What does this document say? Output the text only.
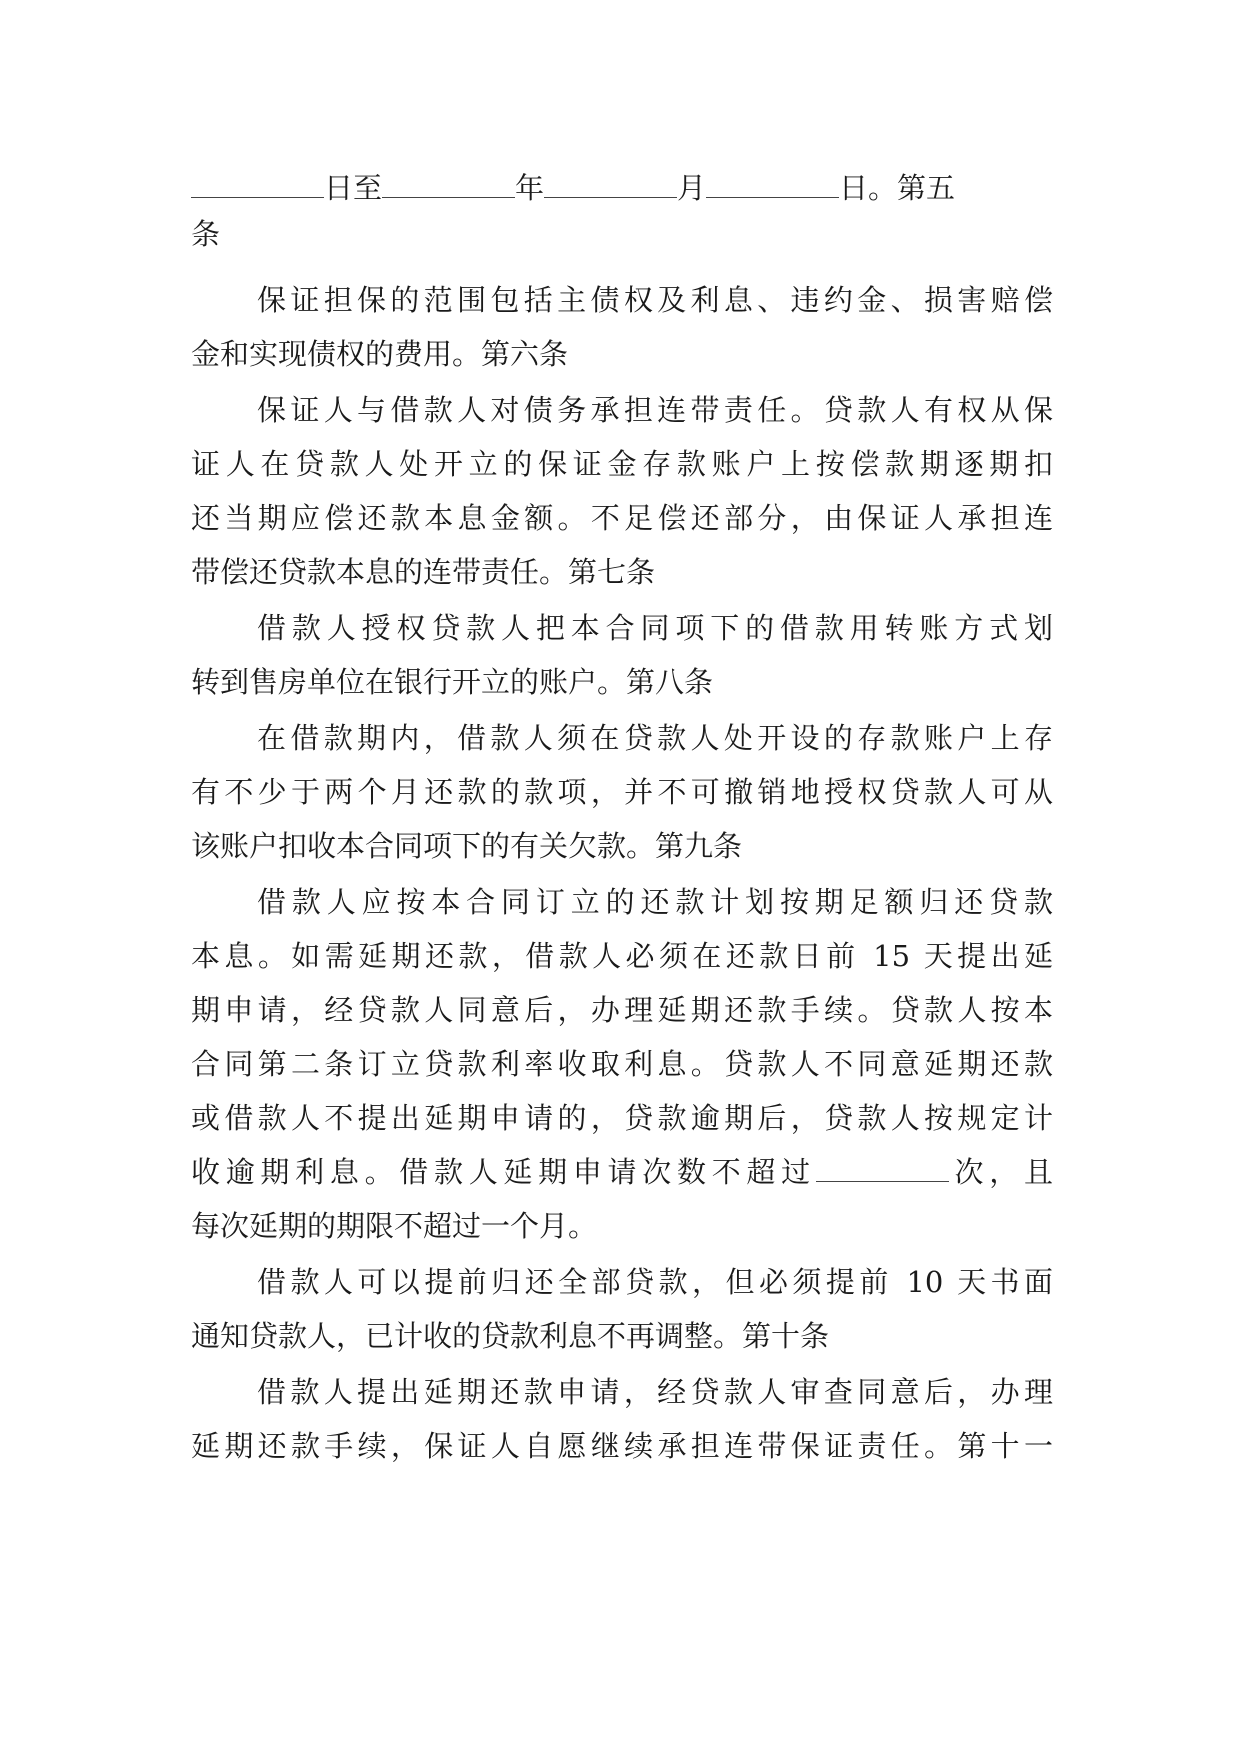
日至	年	月	日。第五
条
保证担保的范围包括主债权及利息、违约金、损害赔偿
金和实现债权的费用。第六条
保证人与借款人对债务承担连带责任。贷款人有权从保
证人在贷款人处开立的保证金存款账户上按偿款期逐期扣
还当期应偿还款本息金额。不足偿还部分，由保证人承担连
带偿还贷款本息的连带责任。第七条
借款人授权贷款人把本合同项下的借款用转账方式划
转到售房单位在银行开立的账户。第八条
在借款期内，借款人须在贷款人处开设的存款账户上存
有不少于两个月还款的款项，并不可撤销地授权贷款人可从
该账户扣收本合同项下的有关欠款。第九条
借款人应按本合同订立的还款计划按期足额归还贷款
本息。如需延期还款，借款人必须在还款日前 15 天提出延
期申请，经贷款人同意后，办理延期还款手续。贷款人按本
合同第二条订立贷款利率收取利息。贷款人不同意延期还款
或借款人不提出延期申请的，贷款逾期后，贷款人按规定计
收逾期利息。借款人延期申请次数不超过	次，且
每次延期的期限不超过一个月。
借款人可以提前归还全部贷款，但必须提前 10 天书面
通知贷款人，已计收的贷款利息不再调整。第十条
借款人提出延期还款申请，经贷款人审查同意后，办理
延期还款手续，保证人自愿继续承担连带保证责任。第十一
